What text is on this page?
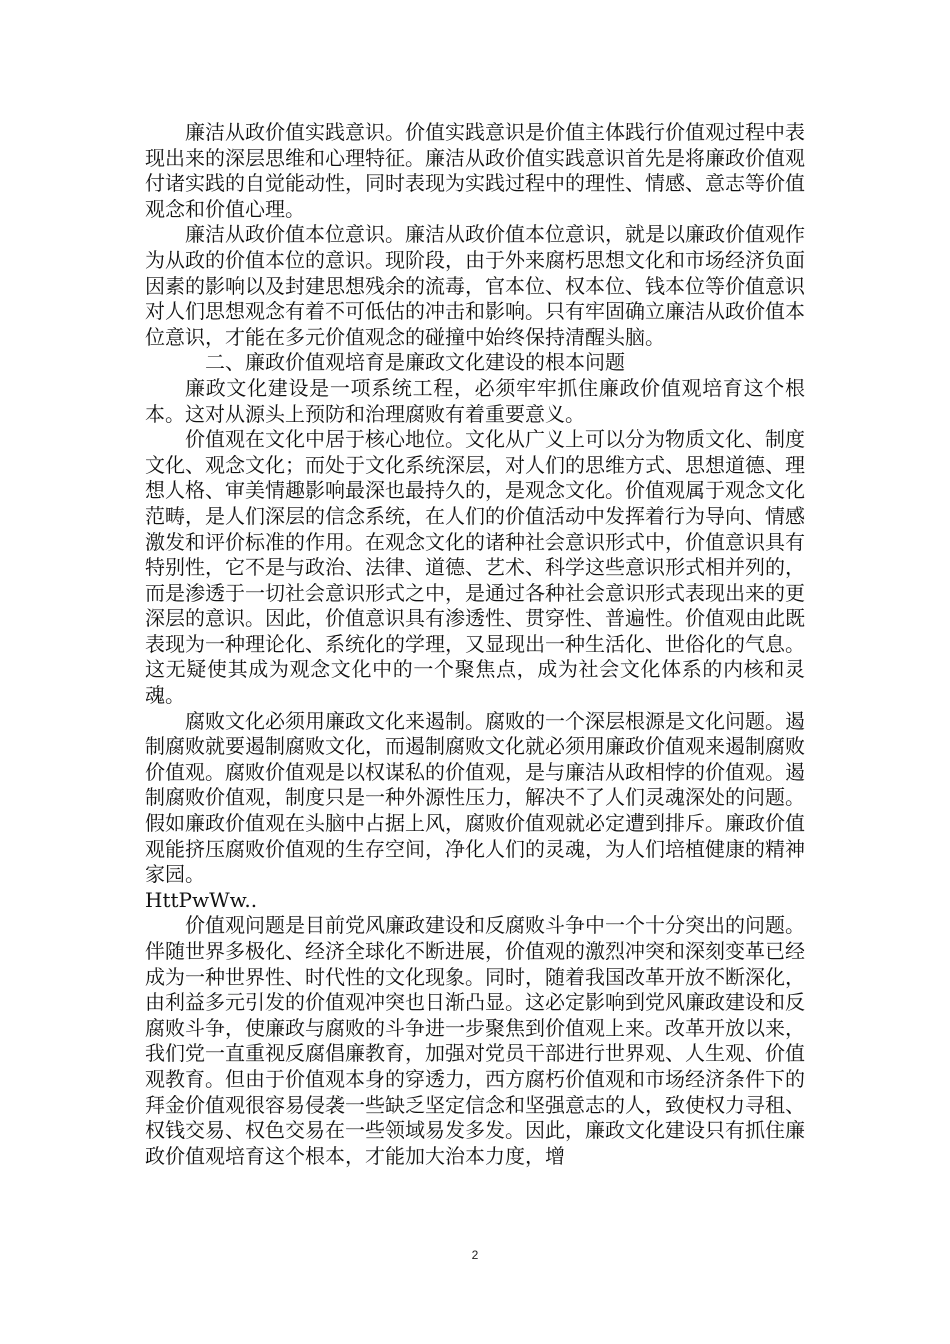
廉洁从政价值实践意识。价值实践意识是价值主体践行价值观过程中表现出来的深层思维和心理特征。廉洁从政价值实践意识首先是将廉政价值观付诸实践的自觉能动性，同时表现为实践过程中的理性、情感、意志等价值观念和价值心理。

廉洁从政价值本位意识。廉洁从政价值本位意识，就是以廉政价值观作为从政的价值本位的意识。现阶段，由于外来腐朽思想文化和市场经济负面因素的影响以及封建思想残余的流毒，官本位、权本位、钱本位等价值意识对人们思想观念有着不可低估的冲击和影响。只有牢固确立廉洁从政价值本位意识，才能在多元价值观念的碰撞中始终保持清醒头脑。

二、廉政价值观培育是廉政文化建设的根本问题

廉政文化建设是一项系统工程，必须牢牢抓住廉政价值观培育这个根本。这对从源头上预防和治理腐败有着重要意义。

价值观在文化中居于核心地位。文化从广义上可以分为物质文化、制度文化、观念文化；而处于文化系统深层，对人们的思维方式、思想道德、理想人格、审美情趣影响最深也最持久的，是观念文化。价值观属于观念文化范畴，是人们深层的信念系统，在人们的价值活动中发挥着行为导向、情感激发和评价标准的作用。在观念文化的诸种社会意识形式中，价值意识具有特别性，它不是与政治、法律、道德、艺术、科学这些意识形式相并列的，而是渗透于一切社会意识形式之中，是通过各种社会意识形式表现出来的更深层的意识。因此，价值意识具有渗透性、贯穿性、普遍性。价值观由此既表现为一种理论化、系统化的学理，又显现出一种生活化、世俗化的气息。这无疑使其成为观念文化中的一个聚焦点，成为社会文化体系的内核和灵魂。

腐败文化必须用廉政文化来遏制。腐败的一个深层根源是文化问题。遏制腐败就要遏制腐败文化，而遏制腐败文化就必须用廉政价值观来遏制腐败价值观。腐败价值观是以权谋私的价值观，是与廉洁从政相悖的价值观。遏制腐败价值观，制度只是一种外源性压力，解决不了人们灵魂深处的问题。假如廉政价值观在头脑中占据上风，腐败价值观就必定遭到排斥。廉政价值观能挤压腐败价值观的生存空间，净化人们的灵魂，为人们培植健康的精神家园。

HttPwWw..

价值观问题是目前党风廉政建设和反腐败斗争中一个十分突出的问题。伴随世界多极化、经济全球化不断进展，价值观的激烈冲突和深刻变革已经成为一种世界性、时代性的文化现象。同时，随着我国改革开放不断深化，由利益多元引发的价值观冲突也日渐凸显。这必定影响到党风廉政建设和反腐败斗争，使廉政与腐败的斗争进一步聚焦到价值观上来。改革开放以来，我们党一直重视反腐倡廉教育，加强对党员干部进行世界观、人生观、价值观教育。但由于价值观本身的穿透力，西方腐朽价值观和市场经济条件下的拜金价值观很容易侵袭一些缺乏坚定信念和坚强意志的人，致使权力寻租、权钱交易、权色交易在一些领域易发多发。因此，廉政文化建设只有抓住廉政价值观培育这个根本，才能加大治本力度，增

2
